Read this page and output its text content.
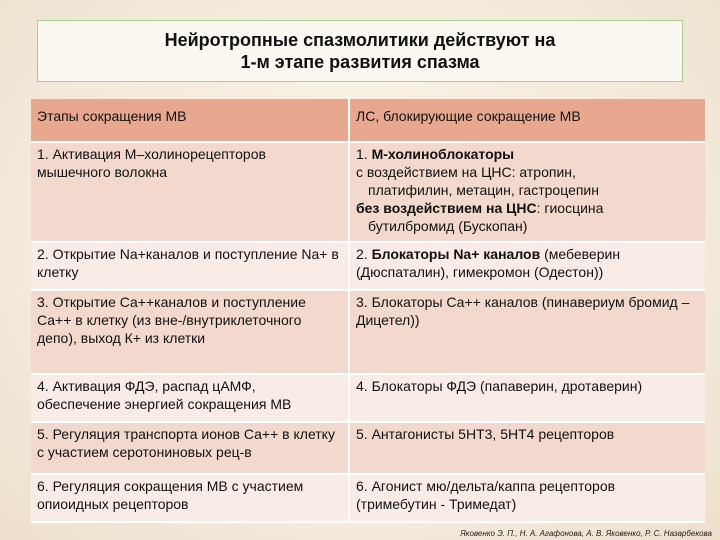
Нейротропные спазмолитики действуют на
1-м этапе развития спазма
Этапы сокращения МВ	ЛС, блокирующие сокращение МВ
1. Активация М–холинорецепторов мышечного волокна	1. М-холиноблокаторы
с воздействием на ЦНС: атропин,
платифилин, метацин, гастроцепин
без воздействием на ЦНС: гиосцина
бутилбромид (Бускопан)

2. Открытие Na+каналов и поступление Na+ в клетку	2. Блокаторы Na+ каналов (мебеверин (Дюспаталин), гимекромон (Одестон))
3. Открытие Са++каналов и поступление Са++ в клетку (из вне-/внутриклеточного депо), выход К+ из клетки	3. Блокаторы Са++ каналов (пинавериум бромид – Дицетел))
4. Активация ФДЭ, распад цАМФ, обеспечение энергией сокращения МВ	4. Блокаторы ФДЭ (папаверин, дротаверин)
5. Регуляция транспорта ионов Са++ в клетку с участием серотониновых рец-в	5. Антагонисты 5НТ3, 5НТ4 рецепторов
6. Регуляция сокращения МВ с участием опиоидных рецепторов	6. Агонист мю/дельта/каппа рецепторов (тримебутин - Тримедат)
Яковенко Э. П., Н. А. Агафонова, А. В. Яковенко, Р. С. Назарбекова
